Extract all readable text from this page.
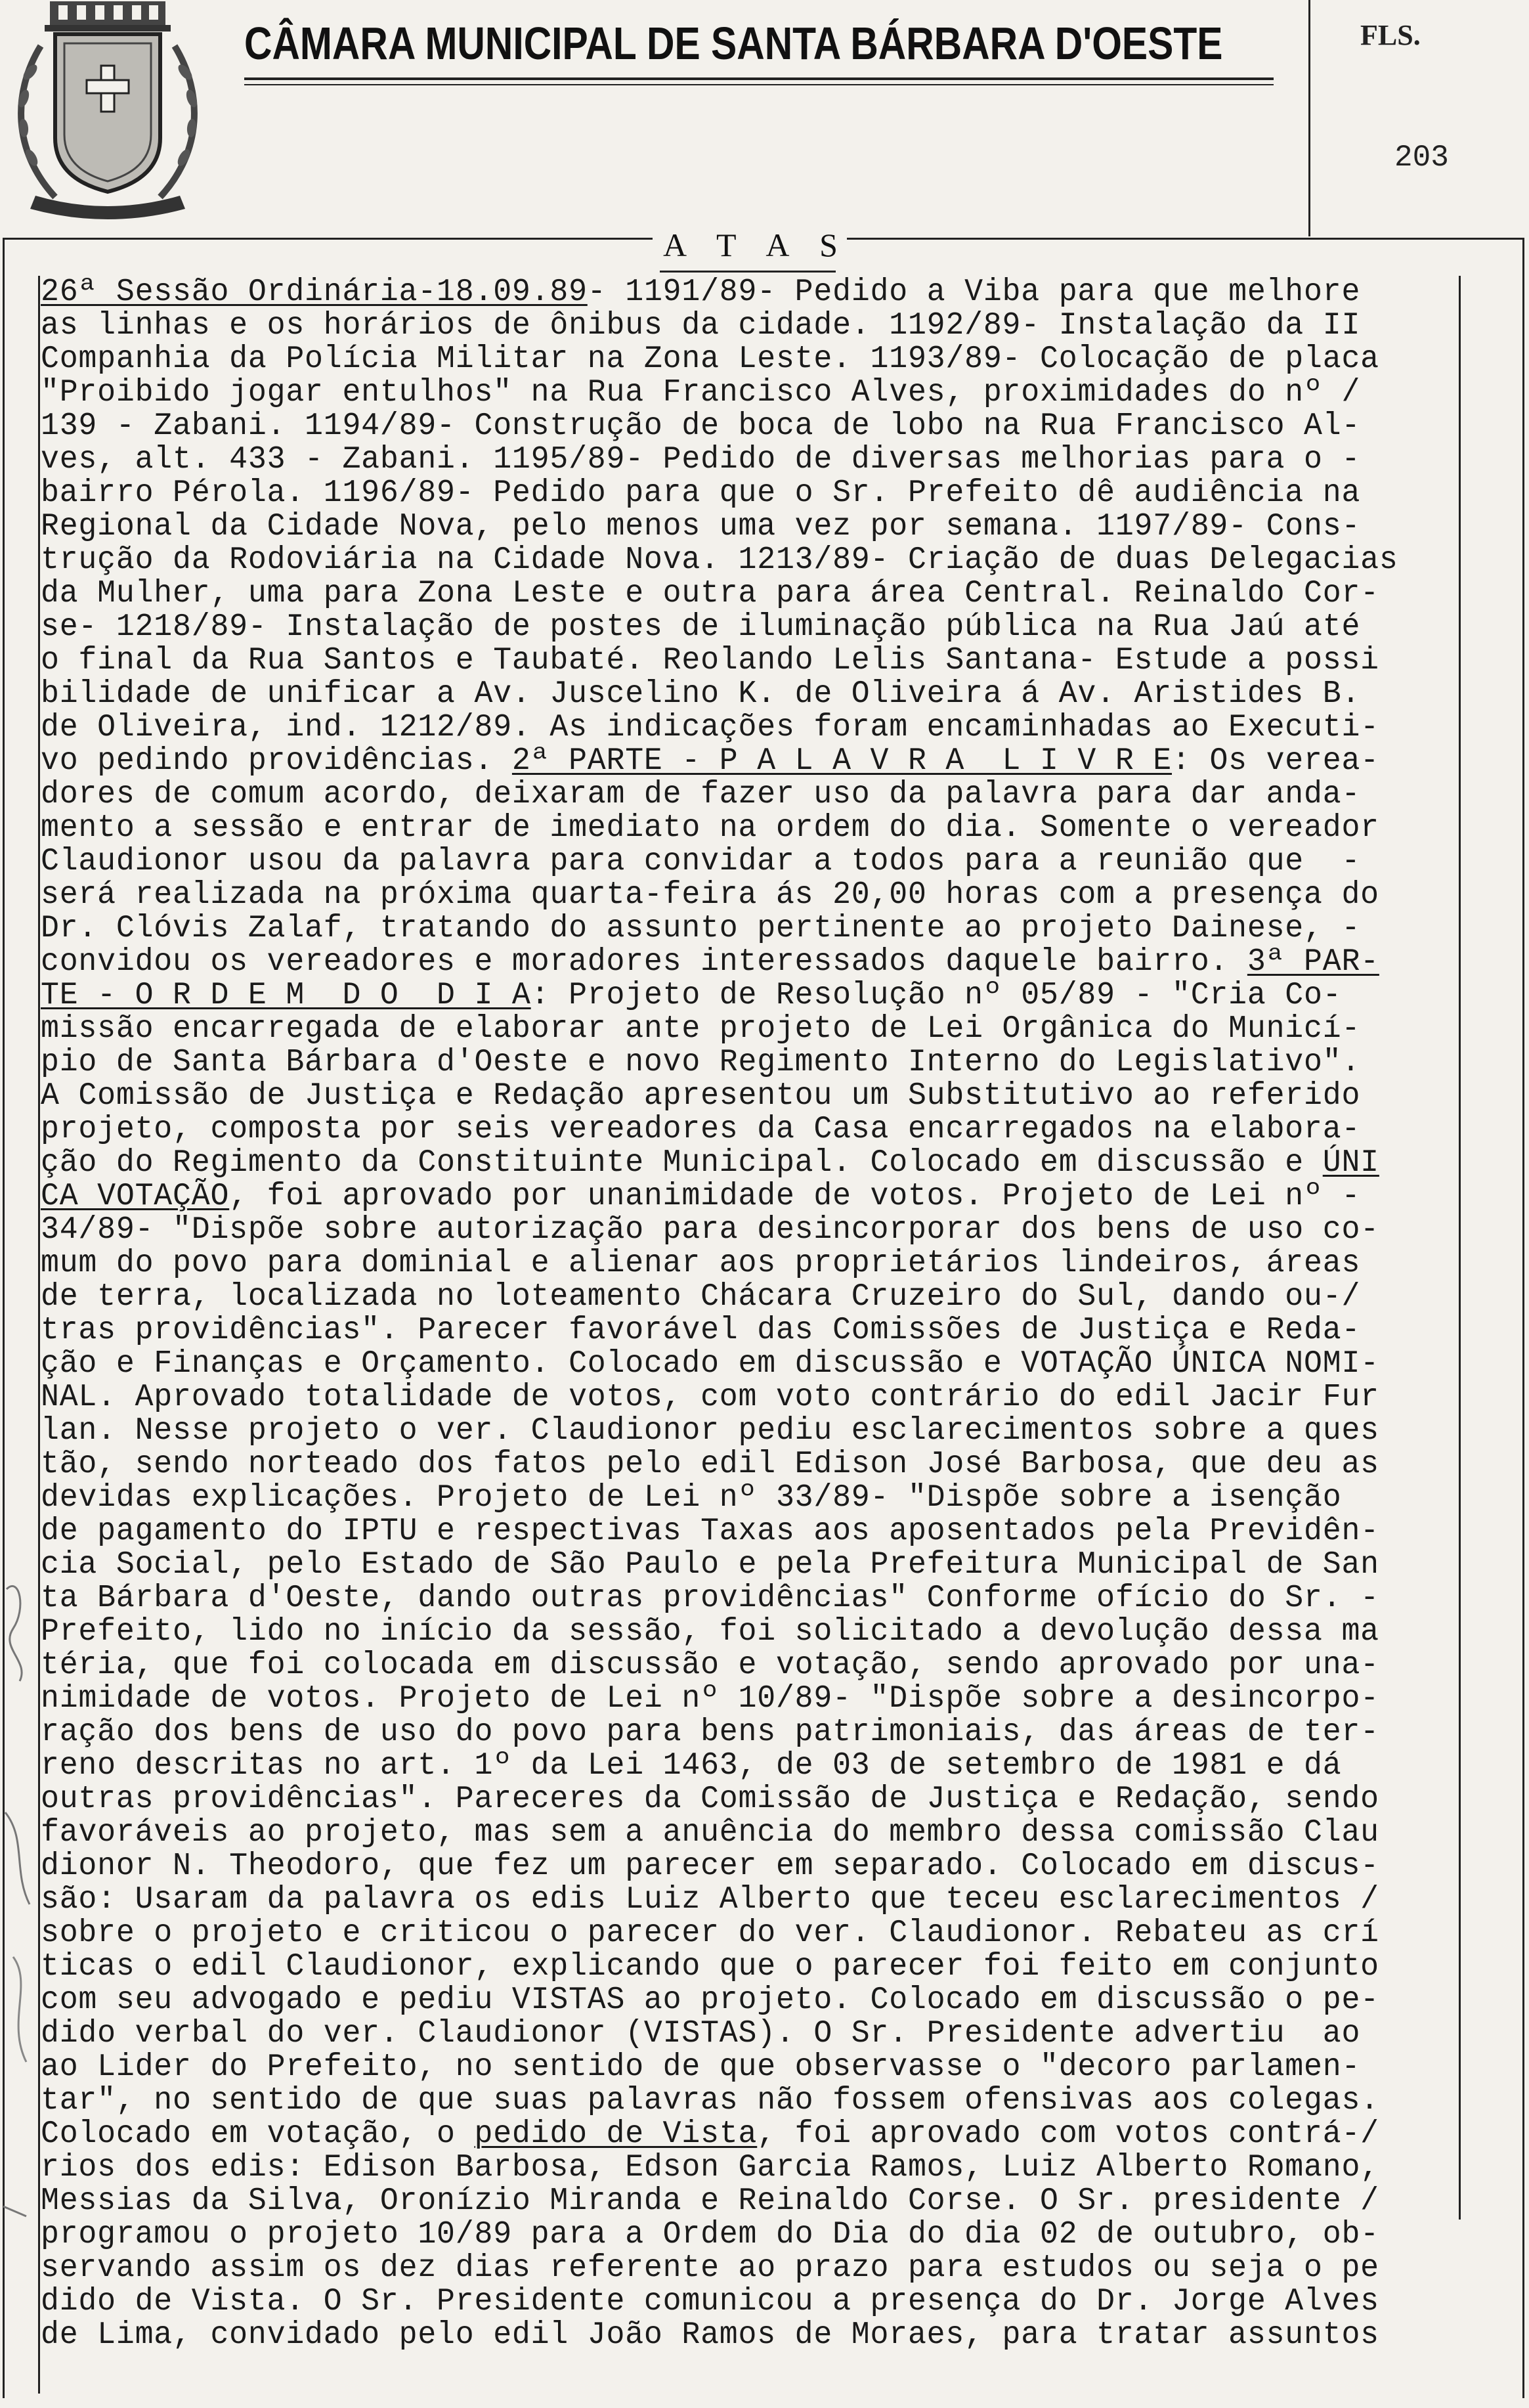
CÂMARA MUNICIPAL DE SANTA BÁRBARA D'OESTE	FLS.
203
A T A S
26ª Sessão Ordinária-18.09.89- 1191/89- Pedido a Viba para que melhore
as linhas e os horários de ônibus da cidade. 1192/89- Instalação da II
Companhia da Polícia Militar na Zona Leste. 1193/89- Colocação de placa
"Proibido jogar entulhos" na Rua Francisco Alves, proximidades do nº /
139 - Zabani. 1194/89- Construção de boca de lobo na Rua Francisco Al-
ves, alt. 433 - Zabani. 1195/89- Pedido de diversas melhorias para o -
bairro Pérola. 1196/89- Pedido para que o Sr. Prefeito dê audiência na
Regional da Cidade Nova, pelo menos uma vez por semana. 1197/89- Cons-
trução da Rodoviária na Cidade Nova. 1213/89- Criação de duas Delegacias
da Mulher, uma para Zona Leste e outra para área Central. Reinaldo Cor-
se- 1218/89- Instalação de postes de iluminação pública na Rua Jaú até
o final da Rua Santos e Taubaté. Reolando Lelis Santana- Estude a possi
bilidade de unificar a Av. Juscelino K. de Oliveira á Av. Aristides B.
de Oliveira, ind. 1212/89. As indicações foram encaminhadas ao Executi-
vo pedindo providências. 2ª PARTE - P A L A V R A  L I V R E: Os verea-
dores de comum acordo, deixaram de fazer uso da palavra para dar anda-
mento a sessão e entrar de imediato na ordem do dia. Somente o vereador
Claudionor usou da palavra para convidar a todos para a reunião que  -
será realizada na próxima quarta-feira ás 20,00 horas com a presença do
Dr. Clóvis Zalaf, tratando do assunto pertinente ao projeto Dainese, -
convidou os vereadores e moradores interessados daquele bairro. 3ª PAR-
TE - O R D E M  D O  D I A: Projeto de Resolução nº 05/89 - "Cria Co-
missão encarregada de elaborar ante projeto de Lei Orgânica do Municí-
pio de Santa Bárbara d'Oeste e novo Regimento Interno do Legislativo".
A Comissão de Justiça e Redação apresentou um Substitutivo ao referido
projeto, composta por seis vereadores da Casa encarregados na elabora-
ção do Regimento da Constituinte Municipal. Colocado em discussão e ÚNI
CA VOTAÇÃO, foi aprovado por unanimidade de votos. Projeto de Lei nº -
34/89- "Dispõe sobre autorização para desincorporar dos bens de uso co-
mum do povo para dominial e alienar aos proprietários lindeiros, áreas
de terra, localizada no loteamento Chácara Cruzeiro do Sul, dando ou-/
tras providências". Parecer favorável das Comissões de Justiça e Reda-
ção e Finanças e Orçamento. Colocado em discussão e VOTAÇÃO ÚNICA NOMI-
NAL. Aprovado totalidade de votos, com voto contrário do edil Jacir Fur
lan. Nesse projeto o ver. Claudionor pediu esclarecimentos sobre a ques
tão, sendo norteado dos fatos pelo edil Edison José Barbosa, que deu as
devidas explicações. Projeto de Lei nº 33/89- "Dispõe sobre a isenção
de pagamento do IPTU e respectivas Taxas aos aposentados pela Previdên-
cia Social, pelo Estado de São Paulo e pela Prefeitura Municipal de San
ta Bárbara d'Oeste, dando outras providências" Conforme ofício do Sr. -
Prefeito, lido no início da sessão, foi solicitado a devolução dessa ma
téria, que foi colocada em discussão e votação, sendo aprovado por una-
nimidade de votos. Projeto de Lei nº 10/89- "Dispõe sobre a desincorpo-
ração dos bens de uso do povo para bens patrimoniais, das áreas de ter-
reno descritas no art. 1º da Lei 1463, de 03 de setembro de 1981 e dá
outras providências". Pareceres da Comissão de Justiça e Redação, sendo
favoráveis ao projeto, mas sem a anuência do membro dessa comissão Clau
dionor N. Theodoro, que fez um parecer em separado. Colocado em discus-
são: Usaram da palavra os edis Luiz Alberto que teceu esclarecimentos /
sobre o projeto e criticou o parecer do ver. Claudionor. Rebateu as crí
ticas o edil Claudionor, explicando que o parecer foi feito em conjunto
com seu advogado e pediu VISTAS ao projeto. Colocado em discussão o pe-
dido verbal do ver. Claudionor (VISTAS). O Sr. Presidente advertiu  ao
ao Lider do Prefeito, no sentido de que observasse o "decoro parlamen-
tar", no sentido de que suas palavras não fossem ofensivas aos colegas.
Colocado em votação, o pedido de Vista, foi aprovado com votos contrá-/
rios dos edis: Edison Barbosa, Edson Garcia Ramos, Luiz Alberto Romano,
Messias da Silva, Oronízio Miranda e Reinaldo Corse. O Sr. presidente /
programou o projeto 10/89 para a Ordem do Dia do dia 02 de outubro, ob-
servando assim os dez dias referente ao prazo para estudos ou seja o pe
dido de Vista. O Sr. Presidente comunicou a presença do Dr. Jorge Alves
de Lima, convidado pelo edil João Ramos de Moraes, para tratar assuntos
